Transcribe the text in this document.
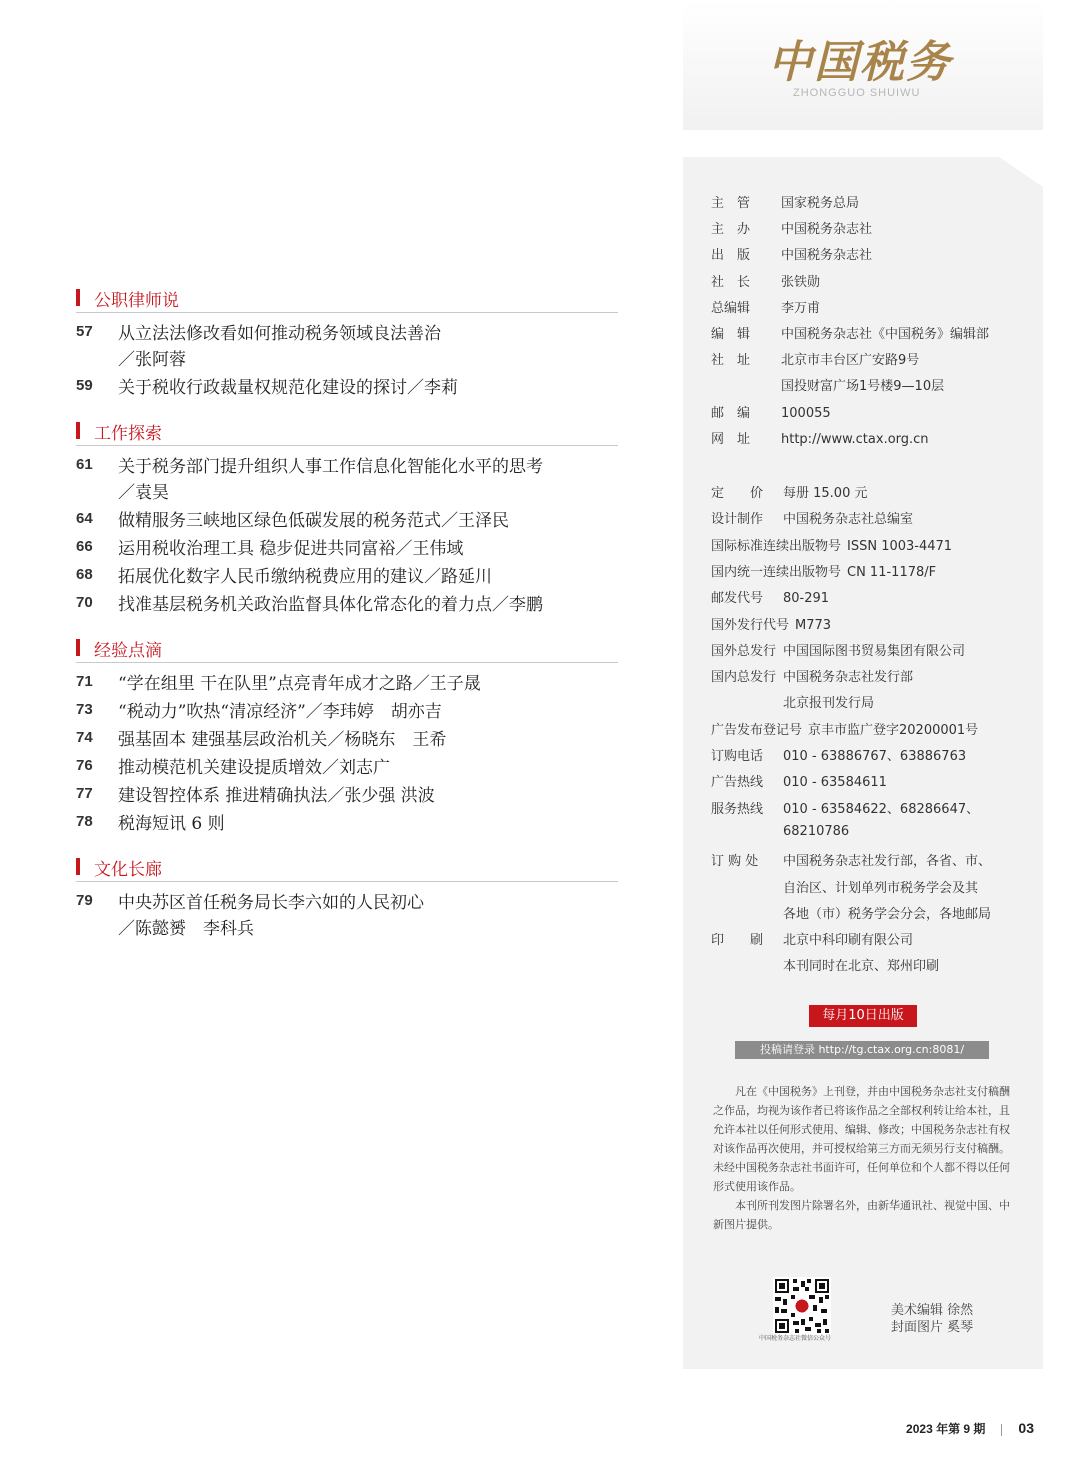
公职律师说
57 从立法法修改看如何推动税务领域良法善治
／张阿蓉
59 关于税收行政裁量权规范化建设的探讨／李莉
工作探索
61 关于税务部门提升组织人事工作信息化智能化水平的思考
／袁昊
64 做精服务三峡地区绿色低碳发展的税务范式／王泽民
66 运用税收治理工具 稳步促进共同富裕／王伟域
68 拓展优化数字人民币缴纳税费应用的建议／路延川
70 找准基层税务机关政治监督具体化常态化的着力点／李鹏
经验点滴
71 “学在组里 干在队里”点亮青年成才之路／王子晟
73 “税动力”吹热“清凉经济”／李玮婷　胡亦吉
74 强基固本 建强基层政治机关／杨晓东　王希
76 推动模范机关建设提质增效／刘志广
77 建设智控体系 推进精确执法／张少强 洪波
78 税海短讯 6 则
文化长廊
79 中央苏区首任税务局长李六如的人民初心
／陈懿赟　李科兵
中国税务
ZHONGGUO SHUIWU
每月10日出版
投稿请登录 http://tg.ctax.org.cn:8081/

凡在《中国税务》上刊登，并由中国税务杂志社支付稿酬之作品，均视为该作者已将该作品之全部权利转让给本社，且允许本社以任何形式使用、编辑、修改；中国税务杂志社有权对该作品再次使用，并可授权给第三方而无须另行支付稿酬。未经中国税务杂志社书面许可，任何单位和个人都不得以任何形式使用该作品。

本刊所刊发图片除署名外，由新华通讯社、视觉中国、中新图片提供。

中国税务杂志社微信公众号
美术编辑 徐然
封面图片 奚琴
主　管 国家税务总局
主　办 中国税务杂志社
出　版 中国税务杂志社
社　长 张铁勋
总编辑 李万甫
编　辑 中国税务杂志社《中国税务》编辑部
社　址 北京市丰台区广安路9号
国投财富广场1号楼9—10层
邮　编 100055
网　址 http://www.ctax.org.cn
定　　价 每册 15.00 元
设计制作 中国税务杂志社总编室
国际标准连续出版物号 ISSN 1003-4471
国内统一连续出版物号 CN 11-1178/F
邮发代号 80-291
国外发行代号 M773
国外总发行 中国国际图书贸易集团有限公司
国内总发行 中国税务杂志社发行部
北京报刊发行局
广告发布登记号 京丰市监广登字20200001号
订购电话 010 - 63886767、63886763
广告热线 010 - 63584611
服务热线 010 - 63584622、68286647、
68210786
订 购 处 中国税务杂志社发行部，各省、市、
自治区、计划单列市税务学会及其
各地（市）税务学会分会，各地邮局
印　　刷 北京中科印刷有限公司
本刊同时在北京、郑州印刷
2023 年第 9 期 03
